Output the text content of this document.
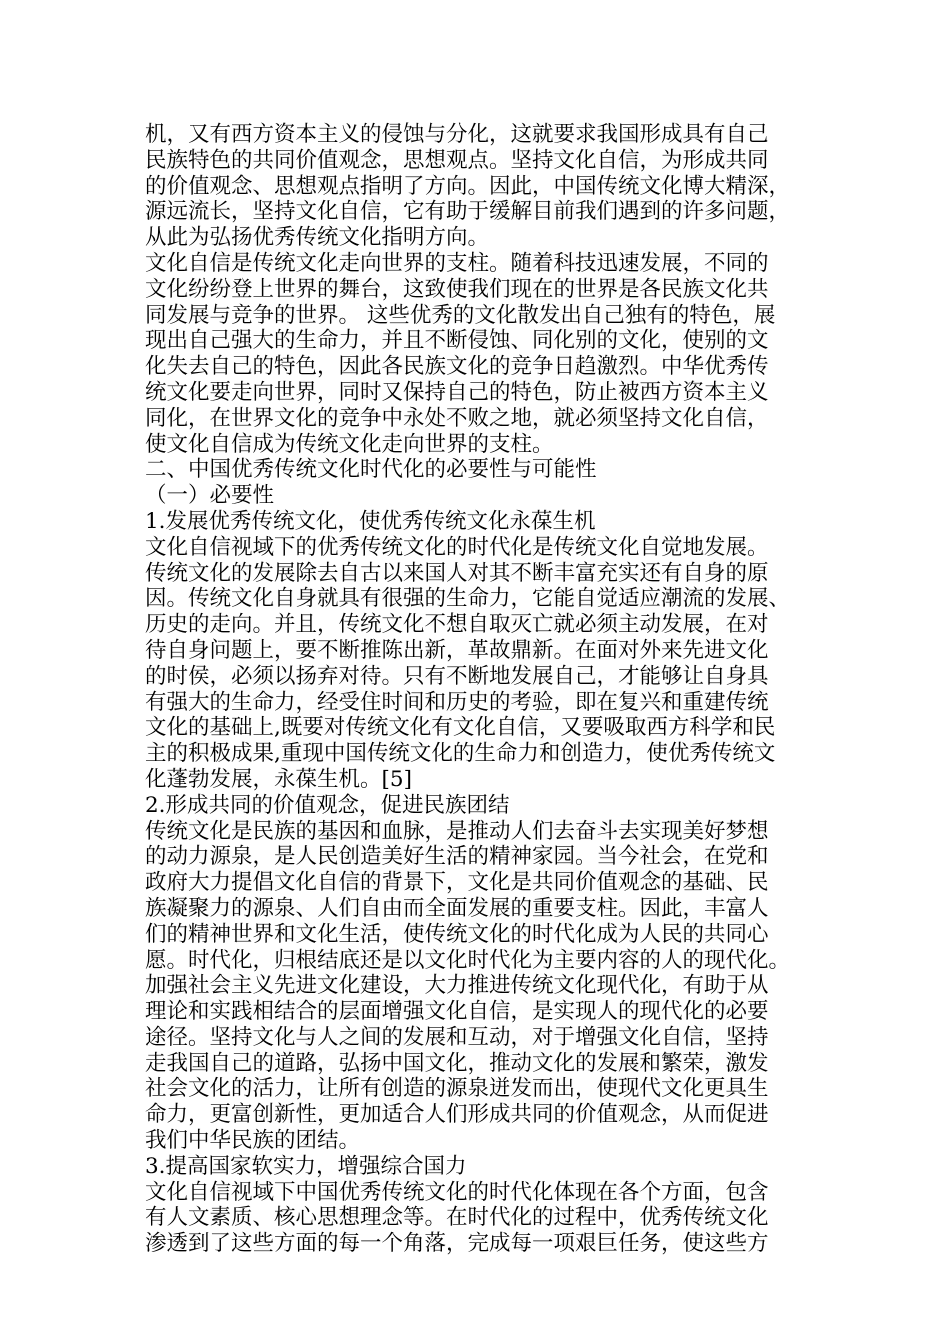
机，又有西方资本主义的侵蚀与分化，这就要求我国形成具有自己
民族特色的共同价值观念，思想观点。坚持文化自信，为形成共同
的价值观念、思想观点指明了方向。因此，中国传统文化博大精深，
源远流长，坚持文化自信，它有助于缓解目前我们遇到的许多问题，
从此为弘扬优秀传统文化指明方向。
文化自信是传统文化走向世界的支柱。随着科技迅速发展，不同的
文化纷纷登上世界的舞台，这致使我们现在的世界是各民族文化共
同发展与竞争的世界。 这些优秀的文化散发出自己独有的特色，展
现出自己强大的生命力，并且不断侵蚀、同化别的文化，使别的文
化失去自己的特色，因此各民族文化的竞争日趋激烈。中华优秀传
统文化要走向世界，同时又保持自己的特色，防止被西方资本主义
同化，在世界文化的竞争中永处不败之地，就必须坚持文化自信，
使文化自信成为传统文化走向世界的支柱。
二、中国优秀传统文化时代化的必要性与可能性
（一）必要性
1.发展优秀传统文化，使优秀传统文化永葆生机
文化自信视域下的优秀传统文化的时代化是传统文化自觉地发展。
传统文化的发展除去自古以来国人对其不断丰富充实还有自身的原
因。传统文化自身就具有很强的生命力，它能自觉适应潮流的发展、
历史的走向。并且，传统文化不想自取灭亡就必须主动发展，在对
待自身问题上，要不断推陈出新，革故鼎新。在面对外来先进文化
的时侯，必须以扬弃对待。只有不断地发展自己，才能够让自身具
有强大的生命力，经受住时间和历史的考验，即在复兴和重建传统
文化的基础上,既要对传统文化有文化自信，又要吸取西方科学和民
主的积极成果,重现中国传统文化的生命力和创造力，使优秀传统文
化蓬勃发展，永葆生机。[5]
2.形成共同的价值观念，促进民族团结
传统文化是民族的基因和血脉，是推动人们去奋斗去实现美好梦想
的动力源泉，是人民创造美好生活的精神家园。当今社会，在党和
政府大力提倡文化自信的背景下，文化是共同价值观念的基础、民
族凝聚力的源泉、人们自由而全面发展的重要支柱。因此，丰富人
们的精神世界和文化生活，使传统文化的时代化成为人民的共同心
愿。时代化，归根结底还是以文化时代化为主要内容的人的现代化。
加强社会主义先进文化建设，大力推进传统文化现代化，有助于从
理论和实践相结合的层面增强文化自信，是实现人的现代化的必要
途径。坚持文化与人之间的发展和互动，对于增强文化自信，坚持
走我国自己的道路，弘扬中国文化，推动文化的发展和繁荣，激发
社会文化的活力，让所有创造的源泉迸发而出，使现代文化更具生
命力，更富创新性，更加适合人们形成共同的价值观念，从而促进
我们中华民族的团结。
3.提高国家软实力，增强综合国力
文化自信视域下中国优秀传统文化的时代化体现在各个方面，包含
有人文素质、核心思想理念等。在时代化的过程中，优秀传统文化
渗透到了这些方面的每一个角落，完成每一项艰巨任务，使这些方
